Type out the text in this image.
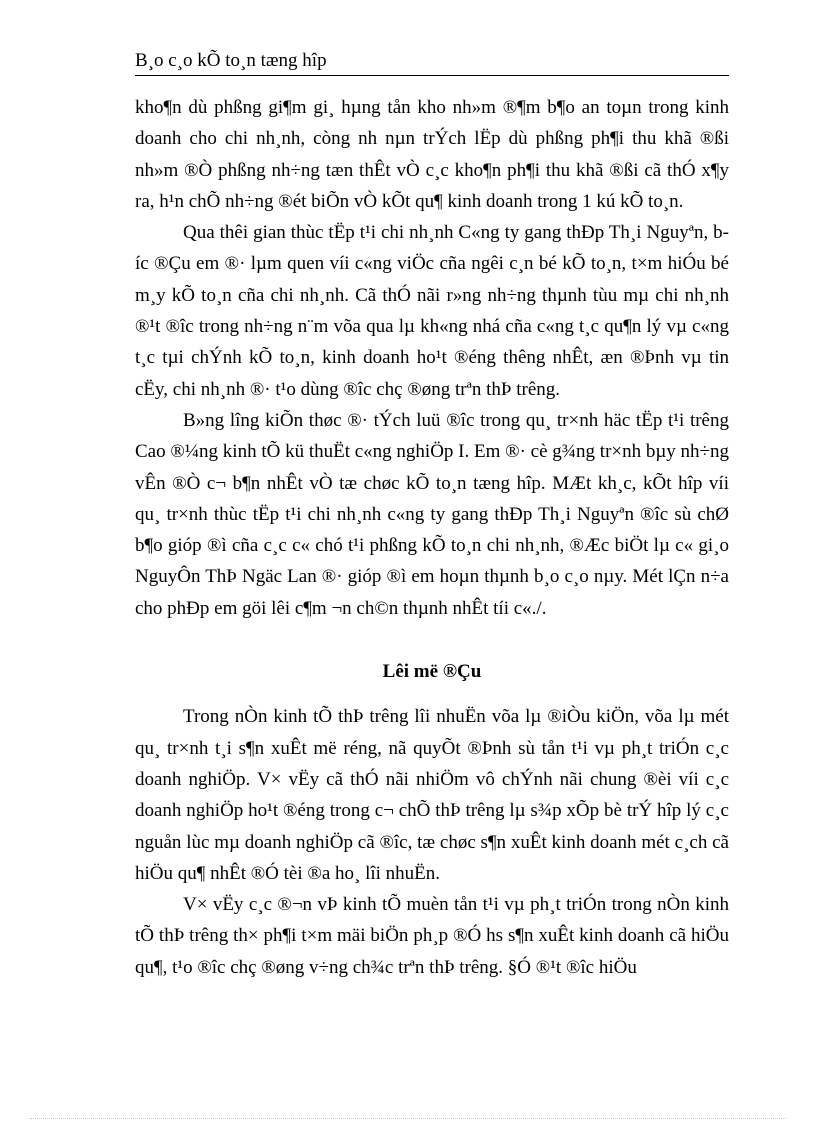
B¸o c¸o kÕ to¸n tæng hîp

kho¶n dù phßng gi¶m gi¸ hµng tån kho nh»m ®¶m b¶o an toµn trong kinh doanh cho chi nh¸nh, còng nh nµn trÝch lËp dù phßng ph¶i thu khã ®ßi nh»m ®Ò phßng nh÷ng tæn thÊt vÒ c¸c kho¶n ph¶i thu khã ®ßi cã thÓ x¶y ra, h¹n chÕ nh÷ng ®ét biÕn vÒ kÕt qu¶ kinh doanh trong 1 kú kÕ to¸n.

Qua thêi gian thùc tËp t¹i chi nh¸nh C«ng ty gang thÐp Th¸i Nguyªn, bíc ®Çu em ®· lµm quen víi c«ng viÖc cña ngêi c¸n bé kÕ to¸n, t×m hiÓu bé m¸y kÕ to¸n cña chi nh¸nh. Cã thÓ nãi r»ng nh÷ng thµnh tùu mµ chi nh¸nh ®¹t ®îc trong nh÷ng n¨m võa qua lµ kh«ng nhá cña c«ng t¸c qu¶n lý vµ c«ng t¸c tµi chÝnh kÕ to¸n, kinh doanh ho¹t ®éng thêng nhÊt, æn ®Þnh vµ tin cËy, chi nh¸nh ®· t¹o dùng ®îc chç ®øng trªn thÞ trêng.

B»ng lîng kiÕn thøc ®· tÝch luü ®îc trong qu¸ tr×nh häc tËp t¹i trêng Cao ®¼ng kinh tÕ kü thuËt c«ng nghiÖp I. Em ®· cè g¾ng tr×nh bµy nh÷ng vÊn ®Ò c¬ b¶n nhÊt vÒ tæ chøc kÕ to¸n tæng hîp. MÆt kh¸c, kÕt hîp víi qu¸ tr×nh thùc tËp t¹i chi nh¸nh c«ng ty gang thÐp Th¸i Nguyªn ®îc sù chØ b¶o gióp ®ì cña c¸c c« chó t¹i phßng kÕ to¸n chi nh¸nh, ®Æc biÖt lµ c« gi¸o NguyÔn ThÞ Ngäc Lan ®· gióp ®ì em hoµn thµnh b¸o c¸o nµy. Mét lÇn n÷a cho phÐp em göi lêi c¶m ¬n ch©n thµnh nhÊt tíi c«./.

Lêi më ®Çu

Trong nÒn kinh tÕ thÞ trêng lîi nhuËn võa lµ ®iÒu kiÖn, võa lµ mét qu¸ tr×nh t¸i s¶n xuÊt më réng, nã quyÕt ®Þnh sù tån t¹i vµ ph¸t triÓn c¸c doanh nghiÖp. V× vËy cã thÓ nãi nhiÖm vô chÝnh nãi chung ®èi víi c¸c doanh nghiÖp ho¹t ®éng trong c¬ chÕ thÞ trêng lµ s¾p xÕp bè trÝ hîp lý c¸c nguån lùc mµ doanh nghiÖp cã ®îc, tæ chøc s¶n xuÊt kinh doanh mét c¸ch cã hiÖu qu¶ nhÊt ®Ó tèi ®a ho¸ lîi nhuËn.

V× vËy c¸c ®¬n vÞ kinh tÕ muèn tån t¹i vµ ph¸t triÓn trong nÒn kinh tÕ thÞ trêng th× ph¶i t×m mäi biÖn ph¸p ®Ó hs s¶n xuÊt kinh doanh cã hiÖu qu¶, t¹o ®îc chç ®øng v÷ng ch¾c trªn thÞ trêng. §Ó ®¹t ®îc hiÖu
